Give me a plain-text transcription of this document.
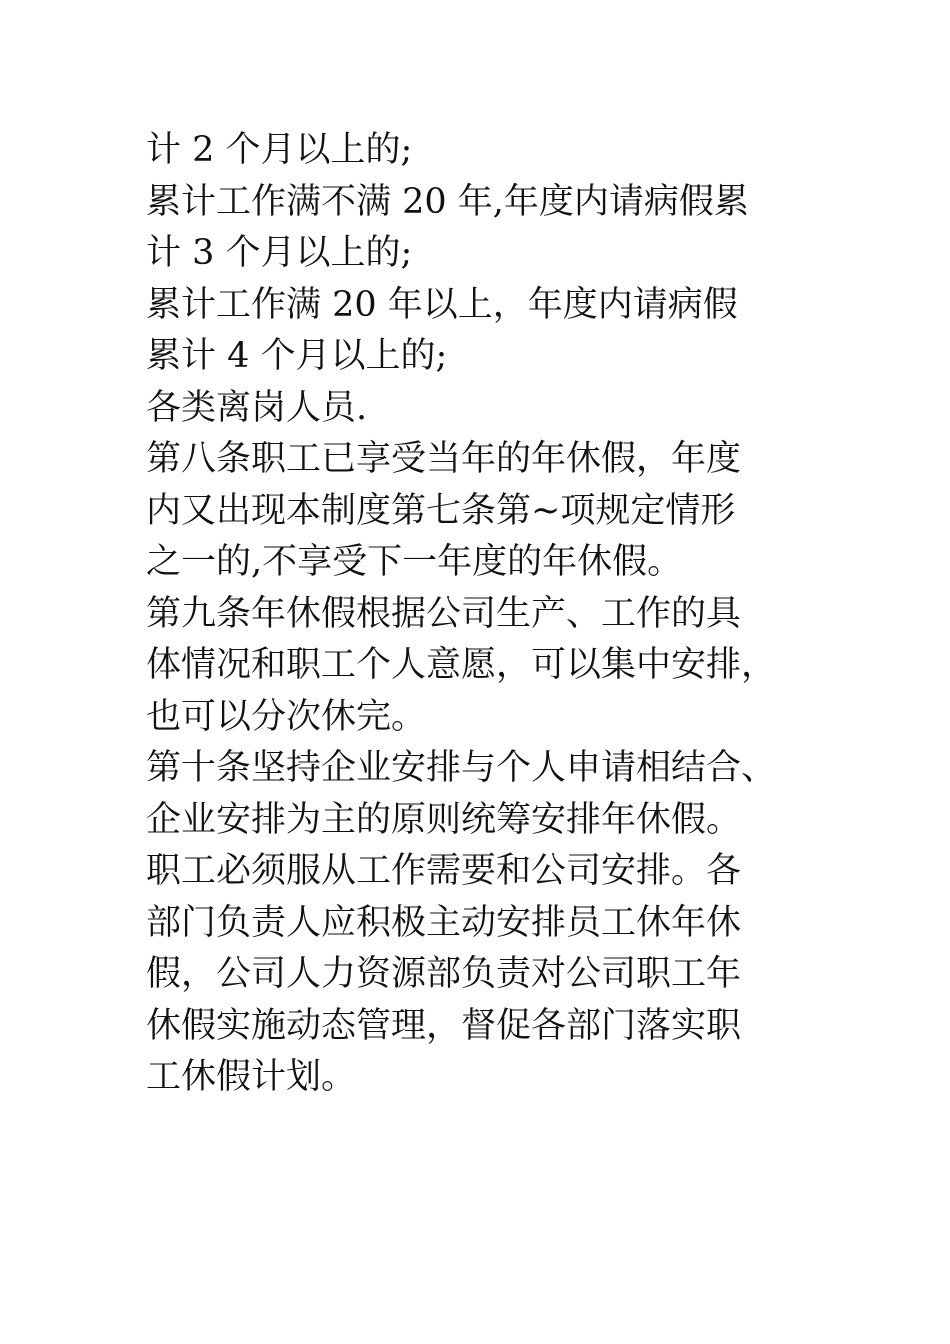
计 2 个月以上的;
累计工作满不满 20 年,年度内请病假累
计 3 个月以上的;
累计工作满 20 年以上，年度内请病假
累计 4 个月以上的;
各类离岗人员.
第八条职工已享受当年的年休假，年度
内又出现本制度第七条第~项规定情形
之一的,不享受下一年度的年休假。
第九条年休假根据公司生产、工作的具
体情况和职工个人意愿，可以集中安排，
也可以分次休完。
第十条坚持企业安排与个人申请相结合、
企业安排为主的原则统筹安排年休假。
职工必须服从工作需要和公司安排。各
部门负责人应积极主动安排员工休年休
假，公司人力资源部负责对公司职工年
休假实施动态管理，督促各部门落实职
工休假计划。
